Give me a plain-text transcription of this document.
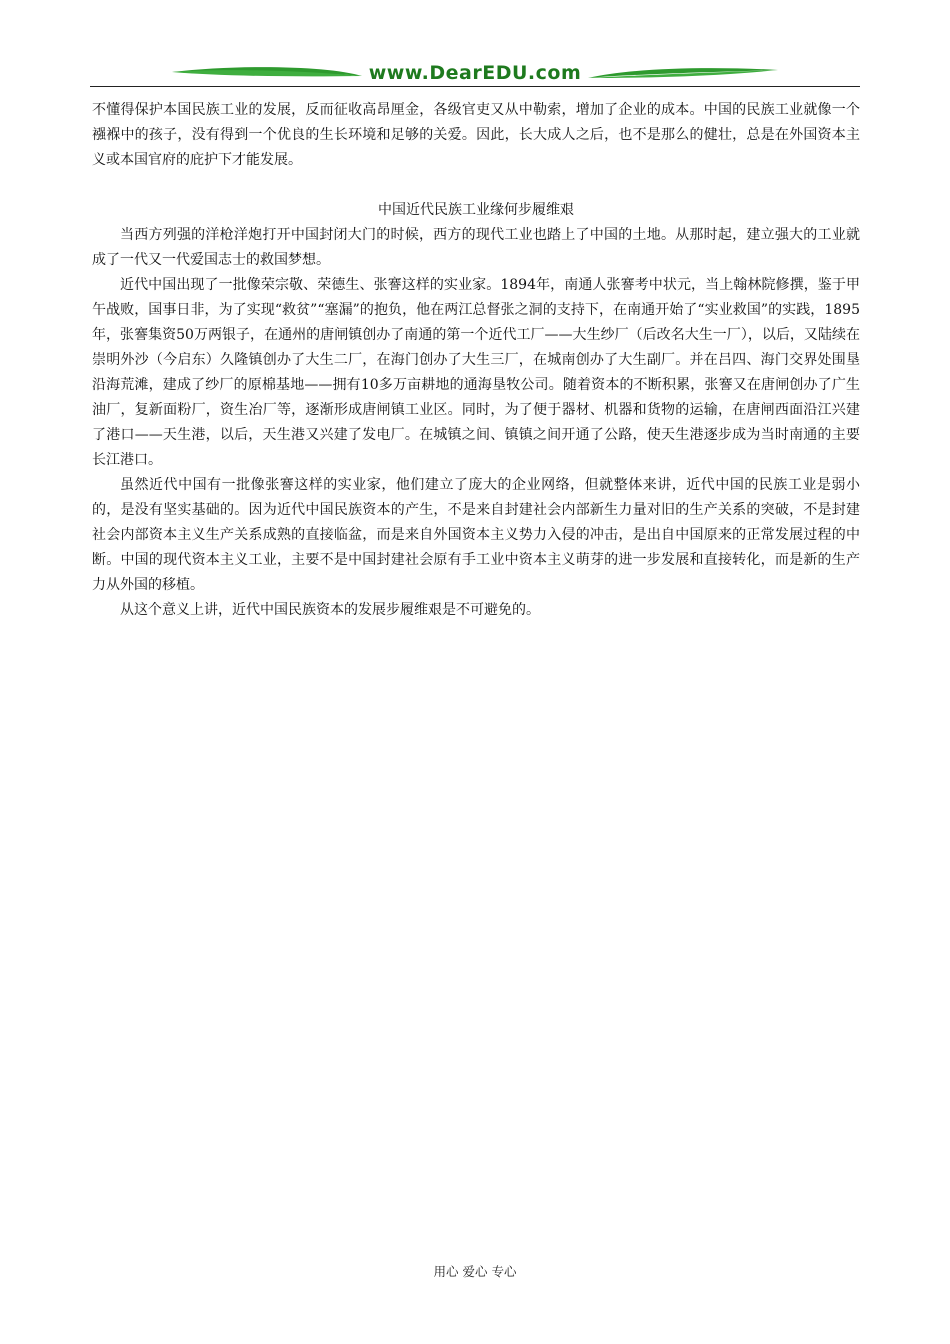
www.DearEDU.com

不懂得保护本国民族工业的发展，反而征收高昂厘金，各级官吏又从中勒索，增加了企业的成本。中国的民族工业就像一个襁褓中的孩子，没有得到一个优良的生长环境和足够的关爱。因此，长大成人之后，也不是那么的健壮，总是在外国资本主义或本国官府的庇护下才能发展。

中国近代民族工业缘何步履维艰

当西方列强的洋枪洋炮打开中国封闭大门的时候，西方的现代工业也踏上了中国的土地。从那时起，建立强大的工业就成了一代又一代爱国志士的救国梦想。

近代中国出现了一批像荣宗敬、荣德生、张謇这样的实业家。1894年，南通人张謇考中状元，当上翰林院修撰，鉴于甲午战败，国事日非，为了实现“救贫”“塞漏”的抱负，他在两江总督张之洞的支持下，在南通开始了“实业救国”的实践，1895年，张謇集资50万两银子，在通州的唐闸镇创办了南通的第一个近代工厂——大生纱厂（后改名大生一厂），以后，又陆续在崇明外沙（今启东）久隆镇创办了大生二厂，在海门创办了大生三厂，在城南创办了大生副厂。并在吕四、海门交界处围垦沿海荒滩，建成了纱厂的原棉基地——拥有10多万亩耕地的通海垦牧公司。随着资本的不断积累，张謇又在唐闸创办了广生油厂，复新面粉厂，资生冶厂等，逐渐形成唐闸镇工业区。同时，为了便于器材、机器和货物的运输，在唐闸西面沿江兴建了港口——天生港，以后，天生港又兴建了发电厂。在城镇之间、镇镇之间开通了公路，使天生港逐步成为当时南通的主要长江港口。

虽然近代中国有一批像张謇这样的实业家，他们建立了庞大的企业网络，但就整体来讲，近代中国的民族工业是弱小的，是没有坚实基础的。因为近代中国民族资本的产生，不是来自封建社会内部新生力量对旧的生产关系的突破，不是封建社会内部资本主义生产关系成熟的直接临盆，而是来自外国资本主义势力入侵的冲击，是出自中国原来的正常发展过程的中断。中国的现代资本主义工业，主要不是中国封建社会原有手工业中资本主义萌芽的进一步发展和直接转化，而是新的生产力从外国的移植。

从这个意义上讲，近代中国民族资本的发展步履维艰是不可避免的。

用心 爱心 专心
